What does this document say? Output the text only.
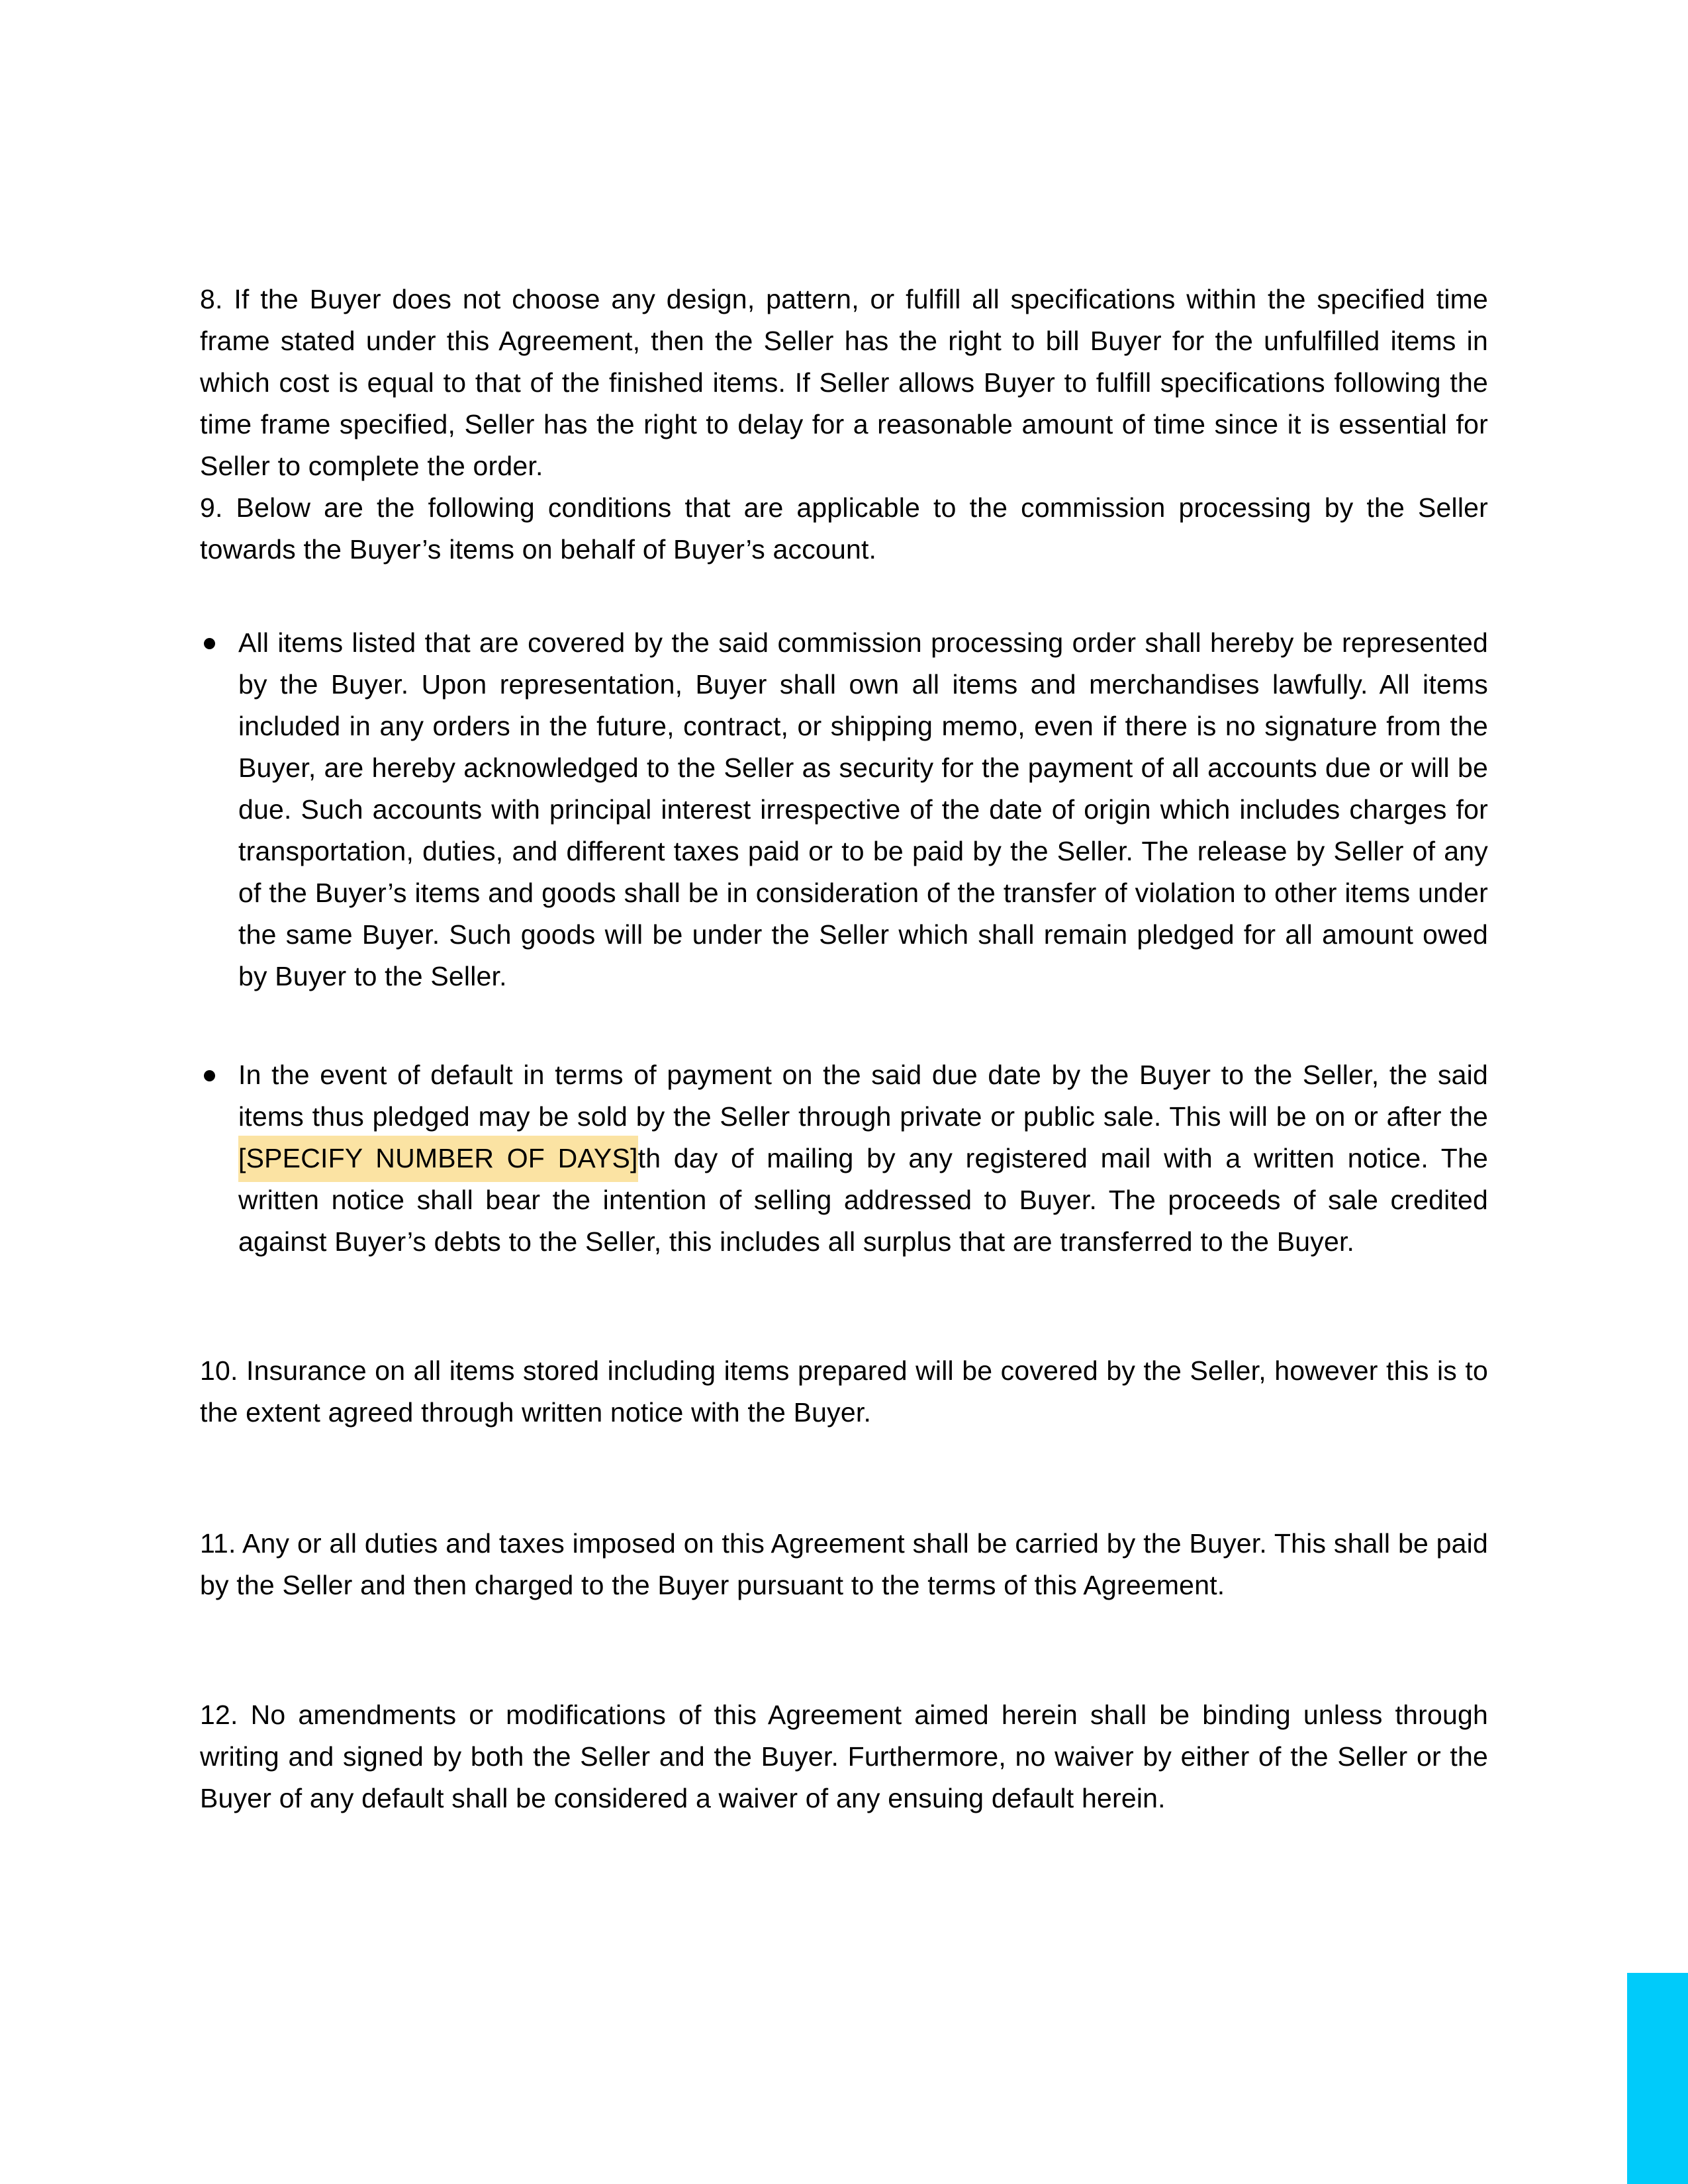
8. If the Buyer does not choose any design, pattern, or fulfill all specifications within the specified time frame stated under this Agreement, then the Seller has the right to bill Buyer for the unfulfilled items in which cost is equal to that of the finished items. If Seller allows Buyer to fulfill specifications following the time frame specified, Seller has the right to delay for a reasonable amount of time since it is essential for Seller to complete the order.

9. Below are the following conditions that are applicable to the commission processing by the Seller towards the Buyer’s items on behalf of Buyer’s account.

All items listed that are covered by the said commission processing order shall hereby be represented by the Buyer. Upon representation, Buyer shall own all items and merchandises lawfully. All items included in any orders in the future, contract, or shipping memo, even if there is no signature from the Buyer, are hereby acknowledged to the Seller as security for the payment of all accounts due or will be due. Such accounts with principal interest irrespective of the date of origin which includes charges for transportation, duties, and different taxes paid or to be paid by the Seller. The release by Seller of any of the Buyer’s items and goods shall be in consideration of the transfer of violation to other items under the same Buyer. Such goods will be under the Seller which shall remain pledged for all amount owed by Buyer to the Seller.
In the event of default in terms of payment on the said due date by the Buyer to the Seller, the said items thus pledged may be sold by the Seller through private or public sale. This will be on or after the [SPECIFY NUMBER OF DAYS]th day of mailing by any registered mail with a written notice. The written notice shall bear the intention of selling addressed to Buyer. The proceeds of sale credited against Buyer’s debts to the Seller, this includes all surplus that are transferred to the Buyer.

10. Insurance on all items stored including items prepared will be covered by the Seller, however this is to the extent agreed through written notice with the Buyer.

11. Any or all duties and taxes imposed on this Agreement shall be carried by the Buyer. This shall be paid by the Seller and then charged to the Buyer pursuant to the terms of this Agreement.

12. No amendments or modifications of this Agreement aimed herein shall be binding unless through writing and signed by both the Seller and the Buyer. Furthermore, no waiver by either of the Seller or the Buyer of any default shall be considered a waiver of any ensuing default herein.
